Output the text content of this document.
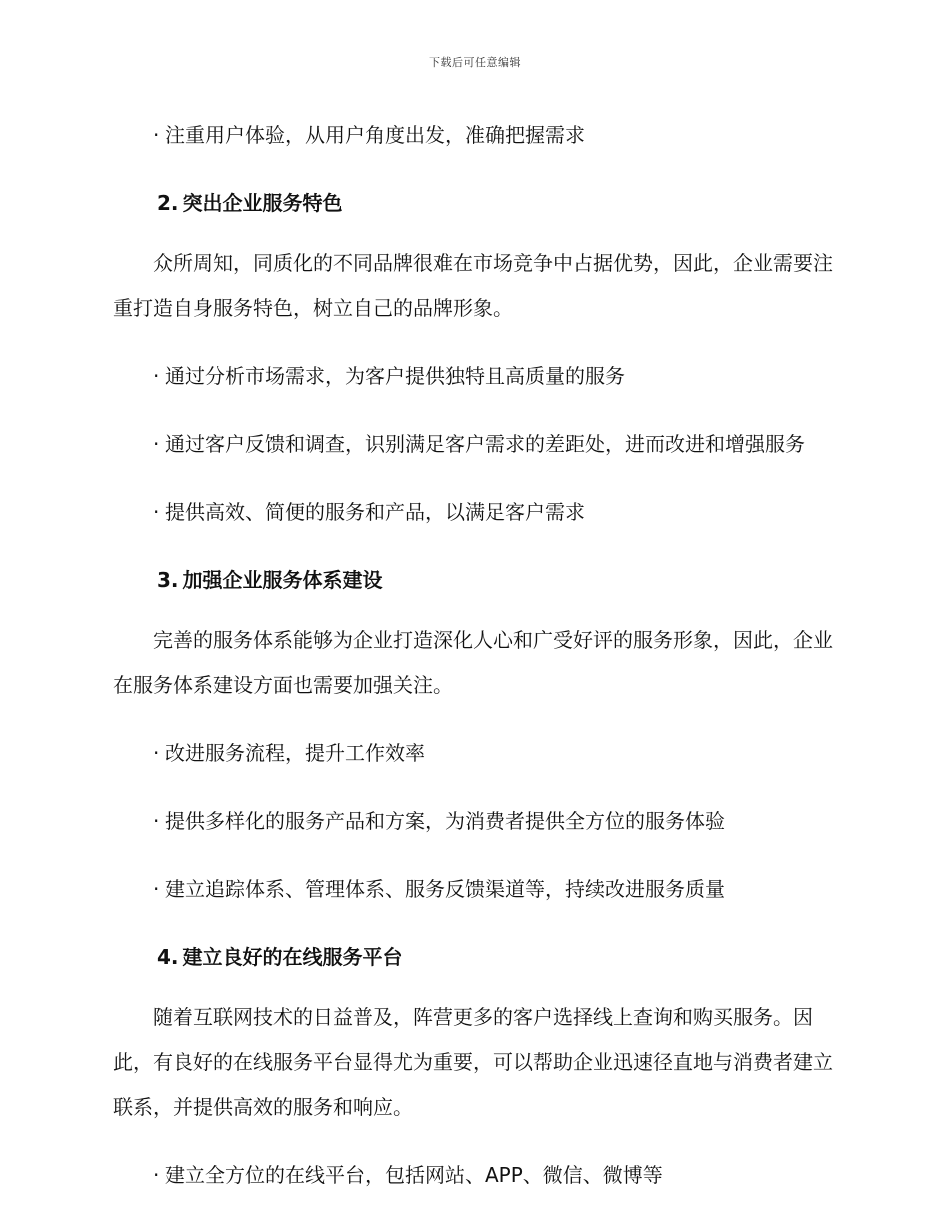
下载后可任意编辑

· 注重用户体验，从用户角度出发，准确把握需求

2. 突出企业服务特色

众所周知，同质化的不同品牌很难在市场竞争中占据优势，因此，企业需要注重打造自身服务特色，树立自己的品牌形象。

· 通过分析市场需求，为客户提供独特且高质量的服务

· 通过客户反馈和调查，识别满足客户需求的差距处，进而改进和增强服务

· 提供高效、简便的服务和产品，以满足客户需求

3. 加强企业服务体系建设

完善的服务体系能够为企业打造深化人心和广受好评的服务形象，因此，企业在服务体系建设方面也需要加强关注。

· 改进服务流程，提升工作效率

· 提供多样化的服务产品和方案，为消费者提供全方位的服务体验

· 建立追踪体系、管理体系、服务反馈渠道等，持续改进服务质量

4. 建立良好的在线服务平台

随着互联网技术的日益普及，阵营更多的客户选择线上查询和购买服务。因此，有良好的在线服务平台显得尤为重要，可以帮助企业迅速径直地与消费者建立联系，并提供高效的服务和响应。

· 建立全方位的在线平台，包括网站、APP、微信、微博等
